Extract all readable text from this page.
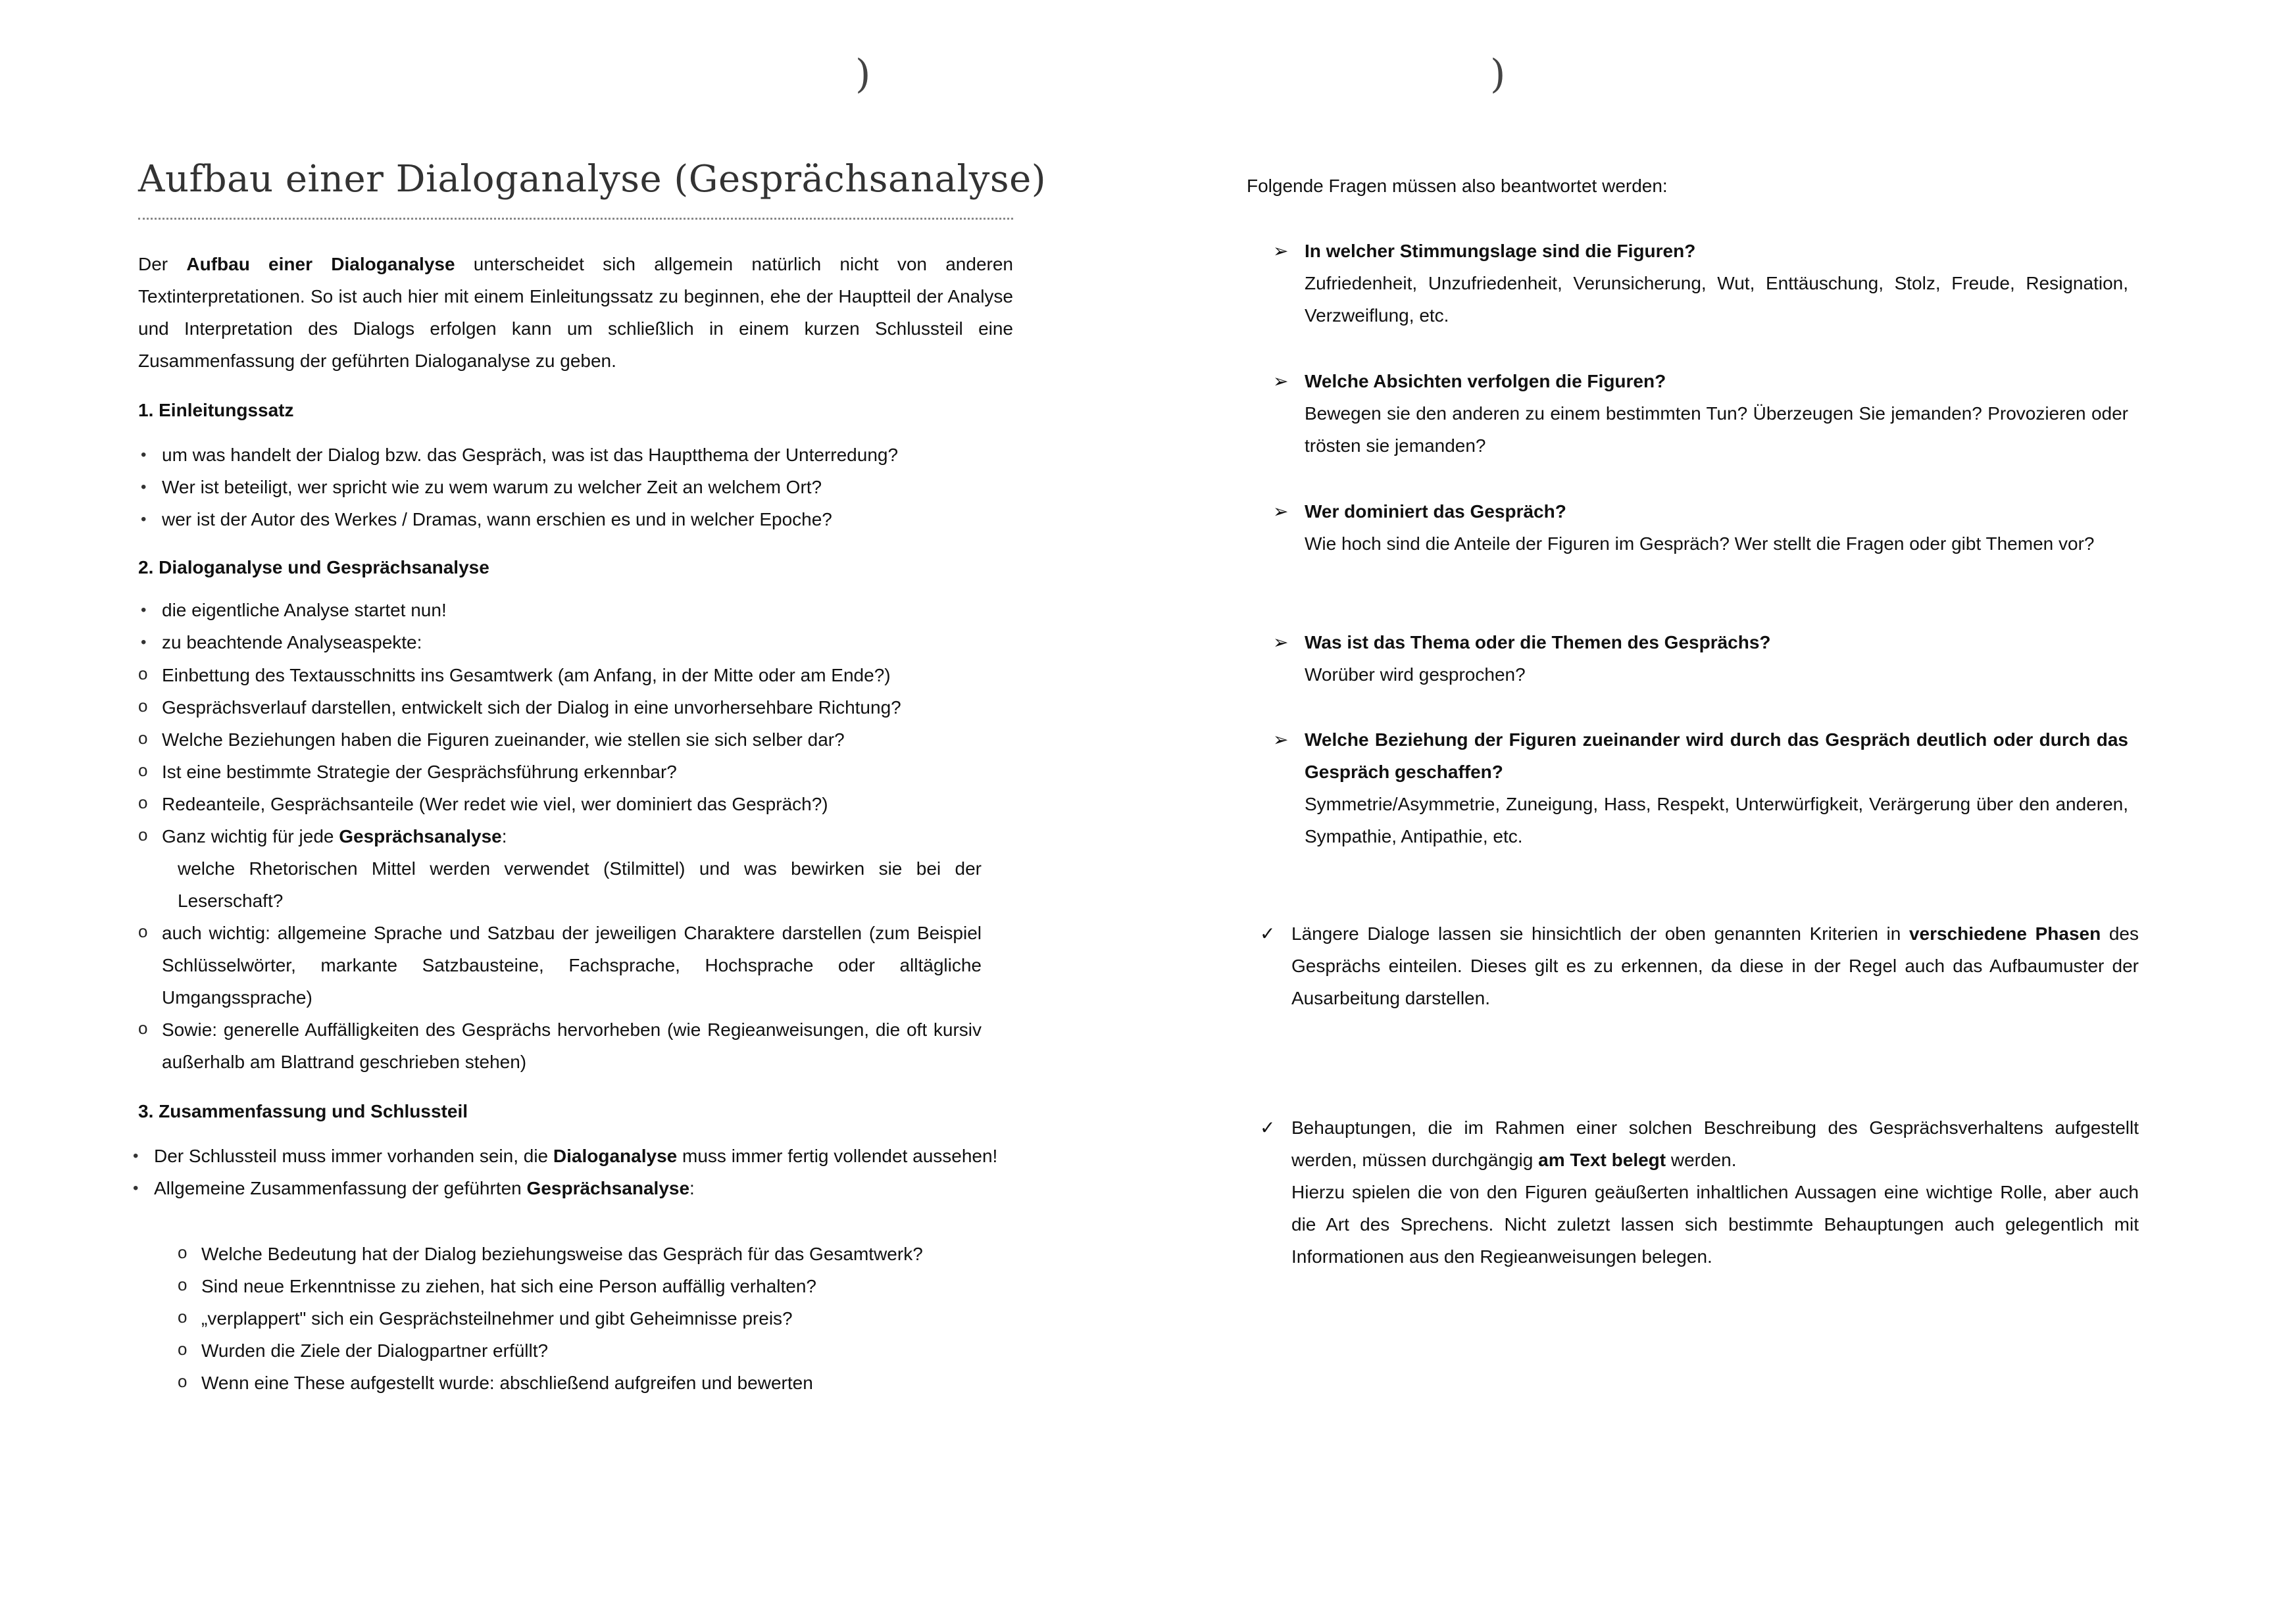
)	)
Aufbau einer Dialoganalyse (Gesprächsanalyse)
Der Aufbau einer Dialoganalyse unterscheidet sich allgemein natürlich nicht von anderen Textinterpretationen. So ist auch hier mit einem Einleitungssatz zu beginnen, ehe der Hauptteil der Analyse und Interpretation des Dialogs erfolgen kann um schließlich in einem kurzen Schlussteil eine Zusammenfassung der geführten Dialoganalyse zu geben.
1. Einleitungssatz
• um was handelt der Dialog bzw. das Gespräch, was ist das Hauptthema der Unterredung?
• Wer ist beteiligt, wer spricht wie zu wem warum zu welcher Zeit an welchem Ort?
• wer ist der Autor des Werkes / Dramas, wann erschien es und in welcher Epoche?
2. Dialoganalyse und Gesprächsanalyse
• die eigentliche Analyse startet nun!
• zu beachtende Analyseaspekte:
o Einbettung des Textausschnitts ins Gesamtwerk (am Anfang, in der Mitte oder am Ende?)
o Gesprächsverlauf darstellen, entwickelt sich der Dialog in eine unvorhersehbare Richtung?
o Welche Beziehungen haben die Figuren zueinander, wie stellen sie sich selber dar?
o Ist eine bestimmte Strategie der Gesprächsführung erkennbar?
o Redeanteile, Gesprächsanteile (Wer redet wie viel, wer dominiert das Gespräch?)
o Ganz wichtig für jede Gesprächsanalyse:
welche Rhetorischen Mittel werden verwendet (Stilmittel) und was bewirken sie bei der Leserschaft?
o auch wichtig: allgemeine Sprache und Satzbau der jeweiligen Charaktere darstellen (zum Beispiel Schlüsselwörter, markante Satzbausteine, Fachsprache, Hochsprache oder alltägliche Umgangssprache)
o Sowie: generelle Auffälligkeiten des Gesprächs hervorheben (wie Regieanweisungen, die oft kursiv außerhalb am Blattrand geschrieben stehen)
3. Zusammenfassung und Schlussteil
• Der Schlussteil muss immer vorhanden sein, die Dialoganalyse muss immer fertig vollendet aussehen!
• Allgemeine Zusammenfassung der geführten Gesprächsanalyse:
o Welche Bedeutung hat der Dialog beziehungsweise das Gespräch für das Gesamtwerk?
o Sind neue Erkenntnisse zu ziehen, hat sich eine Person auffällig verhalten?
o „verplappert" sich ein Gesprächsteilnehmer und gibt Geheimnisse preis?
o Wurden die Ziele der Dialogpartner erfüllt?
o Wenn eine These aufgestellt wurde: abschließend aufgreifen und bewerten
Folgende Fragen müssen also beantwortet werden:
➢ In welcher Stimmungslage sind die Figuren?
Zufriedenheit, Unzufriedenheit, Verunsicherung, Wut, Enttäuschung, Stolz, Freude, Resignation, Verzweiflung, etc.
➢ Welche Absichten verfolgen die Figuren?
Bewegen sie den anderen zu einem bestimmten Tun? Überzeugen Sie jemanden? Provozieren oder trösten sie jemanden?
➢ Wer dominiert das Gespräch?
Wie hoch sind die Anteile der Figuren im Gespräch? Wer stellt die Fragen oder gibt Themen vor?
➢ Was ist das Thema oder die Themen des Gesprächs?
Worüber wird gesprochen?
➢ Welche Beziehung der Figuren zueinander wird durch das Gespräch deutlich oder durch das Gespräch geschaffen?
Symmetrie/Asymmetrie, Zuneigung, Hass, Respekt, Unterwürfigkeit, Verärgerung über den anderen, Sympathie, Antipathie, etc.
✓ Längere Dialoge lassen sie hinsichtlich der oben genannten Kriterien in verschiedene Phasen des Gesprächs einteilen. Dieses gilt es zu erkennen, da diese in der Regel auch das Aufbaumuster der Ausarbeitung darstellen.
✓ Behauptungen, die im Rahmen einer solchen Beschreibung des Gesprächsverhaltens aufgestellt werden, müssen durchgängig am Text belegt werden.
Hierzu spielen die von den Figuren geäußerten inhaltlichen Aussagen eine wichtige Rolle, aber auch die Art des Sprechens. Nicht zuletzt lassen sich bestimmte Behauptungen auch gelegentlich mit Informationen aus den Regieanweisungen belegen.
